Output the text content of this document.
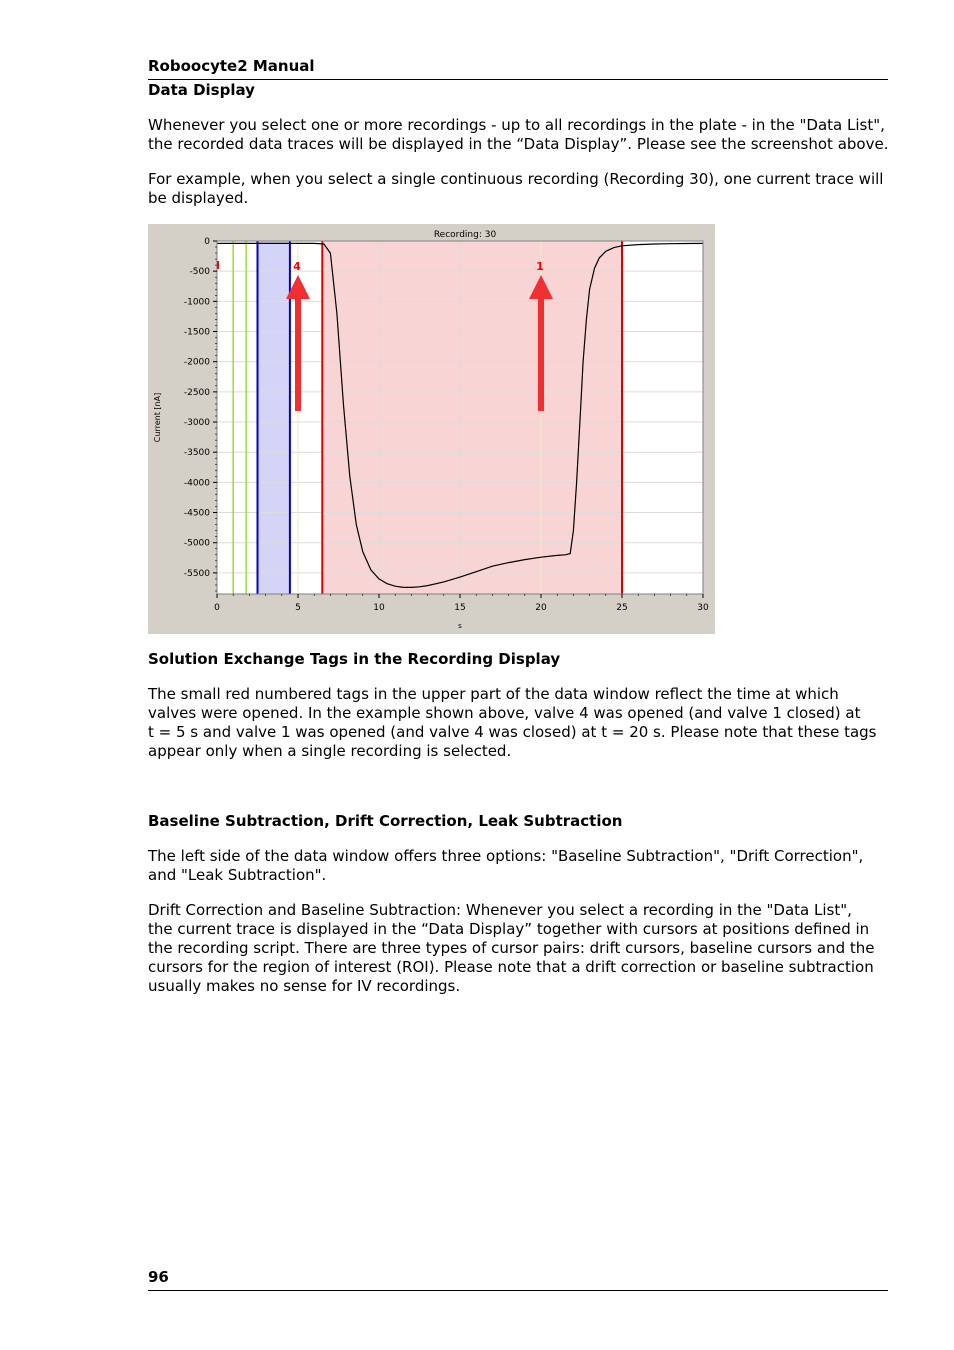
Roboocyte2 Manual
Data Display
Whenever you select one or more recordings - up to all recordings in the plate - in the "Data List",
the recorded data traces will be displayed in the “Data Display”. Please see the screenshot above.
For example, when you select a single continuous recording (Recording 30), one current trace will
be displayed.
0
-500
-1000
-1500
-2000
-2500
-3000
-3500
-4000
-4500
-5000
-5500
0	5	10	15	20	25	30
Recording: 30
s
Current [nA]
4	1
Solution Exchange Tags in the Recording Display
The small red numbered tags in the upper part of the data window reflect the time at which
valves were opened. In the example shown above, valve 4 was opened (and valve 1 closed) at
t = 5 s and valve 1 was opened (and valve 4 was closed) at t = 20 s. Please note that these tags
appear only when a single recording is selected.
Baseline Subtraction, Drift Correction, Leak Subtraction
The left side of the data window offers three options: "Baseline Subtraction", "Drift Correction",
and "Leak Subtraction".
Drift Correction and Baseline Subtraction: Whenever you select a recording in the "Data List",
the current trace is displayed in the “Data Display” together with cursors at positions defined in
the recording script. There are three types of cursor pairs: drift cursors, baseline cursors and the
cursors for the region of interest (ROI). Please note that a drift correction or baseline subtraction
usually makes no sense for IV recordings.
96
